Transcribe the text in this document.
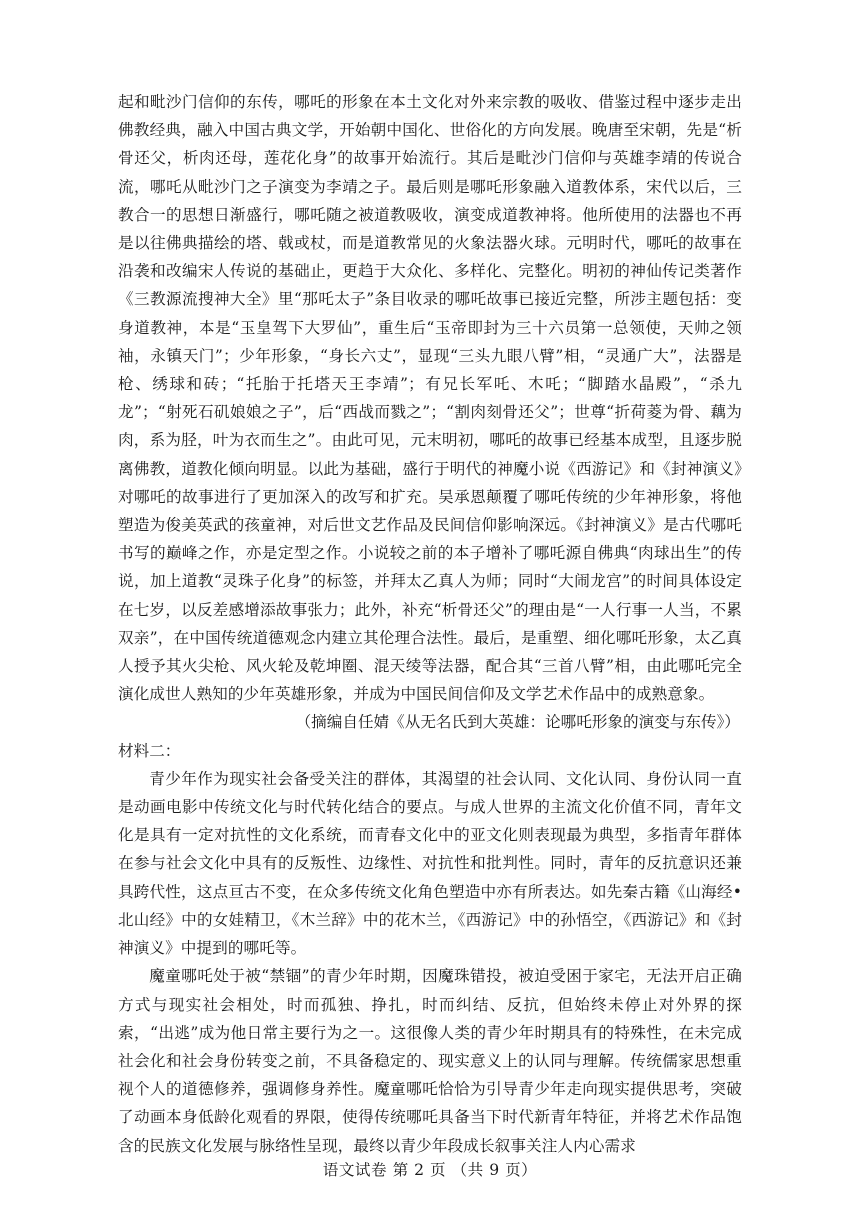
起和毗沙门信仰的东传，哪吒的形象在本土文化对外来宗教的吸收、借鉴过程中逐步走出佛教经典，融入中国古典文学，开始朝中国化、世俗化的方向发展。晚唐至宋朝，先是“析骨还父，析肉还母，莲花化身”的故事开始流行。其后是毗沙门信仰与英雄李靖的传说合流，哪吒从毗沙门之子演变为李靖之子。最后则是哪吒形象融入道教体系，宋代以后，三教合一的思想日渐盛行，哪吒随之被道教吸收，演变成道教神将。他所使用的法器也不再是以往佛典描绘的塔、戟或杖，而是道教常见的火象法器火球。元明时代，哪吒的故事在沿袭和改编宋人传说的基础止，更趋于大众化、多样化、完整化。明初的神仙传记类著作《三教源流搜神大全》里“那吒太子”条目收录的哪吒故事已接近完整，所涉主题包括：变身道教神，本是“玉皇驾下大罗仙”，重生后“玉帝即封为三十六员第一总领使，天帅之领袖，永镇天门”；少年形象，“身长六丈”，显现“三头九眼八臂”相，“灵通广大”，法器是枪、绣球和砖；“托胎于托塔天王李靖”；有兄长军吒、木吒；“脚踏水晶殿”，“杀九龙”；“射死石矶娘娘之子”，后“西战而戮之”；“割肉刻骨还父”；世尊“折荷菱为骨、藕为肉，系为胫，叶为衣而生之”。由此可见，元末明初，哪吒的故事已经基本成型，且逐步脱离佛教，道教化倾向明显。以此为基础，盛行于明代的神魔小说《西游记》和《封神演义》对哪吒的故事进行了更加深入的改写和扩充。吴承恩颠覆了哪吒传统的少年神形象，将他塑造为俊美英武的孩童神，对后世文艺作品及民间信仰影响深远。《封神演义》是古代哪吒书写的巅峰之作，亦是定型之作。小说较之前的本子增补了哪吒源自佛典“肉球出生”的传说，加上道教“灵珠子化身”的标签，并拜太乙真人为师；同时“大闹龙宫”的时间具体设定在七岁，以反差感增添故事张力；此外，补充“析骨还父”的理由是“一人行事一人当，不累双亲”，在中国传统道德观念内建立其伦理合法性。最后，是重塑、细化哪吒形象，太乙真人授予其火尖枪、风火轮及乾坤圈、混天绫等法器，配合其“三首八臂”相，由此哪吒完全演化成世人熟知的少年英雄形象，并成为中国民间信仰及文学艺术作品中的成熟意象。

（摘编自任婧《从无名氏到大英雄：论哪吒形象的演变与东传》）

材料二：

青少年作为现实社会备受关注的群体，其渴望的社会认同、文化认同、身份认同一直是动画电影中传统文化与时代转化结合的要点。与成人世界的主流文化价值不同，青年文化是具有一定对抗性的文化系统，而青春文化中的亚文化则表现最为典型，多指青年群体在参与社会文化中具有的反叛性、边缘性、对抗性和批判性。同时，青年的反抗意识还兼具跨代性，这点亘古不变，在众多传统文化角色塑造中亦有所表达。如先秦古籍《山海经• 北山经》中的女娃精卫，《木兰辞》中的花木兰，《西游记》中的孙悟空，《西游记》和《封神演义》中提到的哪吒等。

魔童哪吒处于被“禁锢”的青少年时期，因魔珠错投，被迫受困于家宅，无法开启正确方式与现实社会相处，时而孤独、挣扎，时而纠结、反抗，但始终未停止对外界的探索，“出逃”成为他日常主要行为之一。这很像人类的青少年时期具有的特殊性，在未完成社会化和社会身份转变之前，不具备稳定的、现实意义上的认同与理解。传统儒家思想重视个人的道德修养，强调修身养性。魔童哪吒恰恰为引导青少年走向现实提供思考，突破了动画本身低龄化观看的界限，使得传统哪吒具备当下时代新青年特征，并将艺术作品饱含的民族文化发展与脉络性呈现，最终以青少年段成长叙事关注人内心需求

语文试卷 第 2 页 （共 9 页）
